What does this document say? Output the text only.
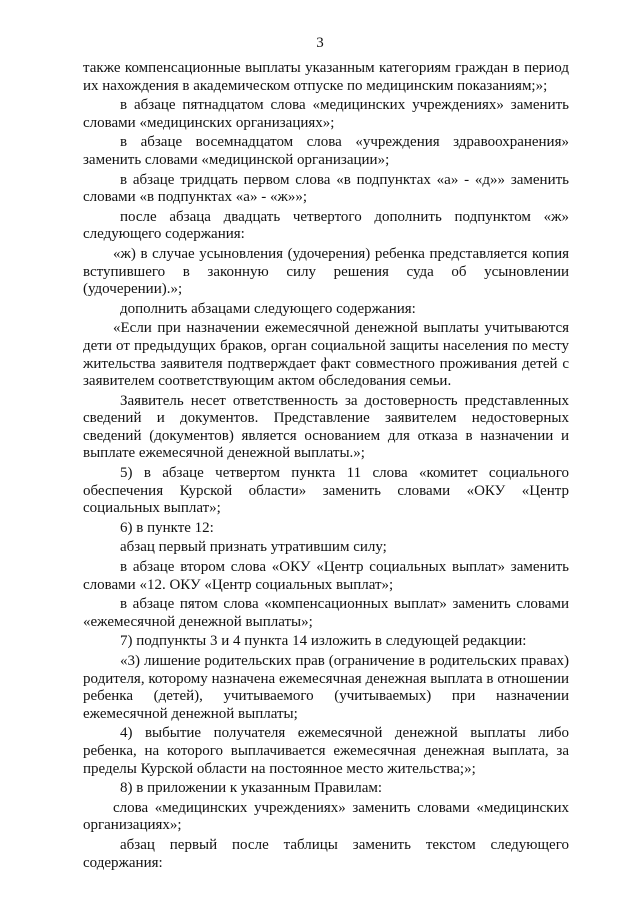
3

также компенсационные выплаты указанным категориям граждан в период их нахождения в академическом отпуске по медицинским показаниям;»;

в абзаце пятнадцатом слова «медицинских учреждениях» заменить словами «медицинских организациях»;

в абзаце восемнадцатом слова «учреждения здравоохранения» заменить словами «медицинской организации»;

в абзаце тридцать первом слова «в подпунктах «а» - «д»» заменить словами «в подпунктах «а» - «ж»»;

после абзаца двадцать четвертого дополнить подпунктом «ж» следующего содержания:

«ж) в случае усыновления (удочерения) ребенка представляется копия вступившего в законную силу решения суда об усыновлении (удочерении).»;

дополнить абзацами следующего содержания:

«Если при назначении ежемесячной денежной выплаты учитываются дети от предыдущих браков, орган социальной защиты населения по месту жительства заявителя подтверждает факт совместного проживания детей с заявителем соответствующим актом обследования семьи.

Заявитель несет ответственность за достоверность представленных сведений и документов. Представление заявителем недостоверных сведений (документов) является основанием для отказа в назначении и выплате ежемесячной денежной выплаты.»;

5) в абзаце четвертом пункта 11 слова «комитет социального обеспечения Курской области» заменить словами «ОКУ «Центр социальных выплат»;

6) в пункте 12:

абзац первый признать утратившим силу;

в абзаце втором слова «ОКУ «Центр социальных выплат» заменить словами «12. ОКУ «Центр социальных выплат»;

в абзаце пятом слова «компенсационных выплат» заменить словами «ежемесячной денежной выплаты»;

7) подпункты 3 и 4 пункта 14 изложить в следующей редакции:

«3) лишение родительских прав (ограничение в родительских правах) родителя, которому назначена ежемесячная денежная выплата в отношении ребенка (детей), учитываемого (учитываемых) при назначении ежемесячной денежной выплаты;

4) выбытие получателя ежемесячной денежной выплаты либо ребенка, на которого выплачивается ежемесячная денежная выплата, за пределы Курской области на постоянное место жительства;»;

8) в приложении к указанным Правилам:

слова «медицинских учреждениях» заменить словами «медицинских организациях»;

абзац первый после таблицы заменить текстом следующего содержания:
